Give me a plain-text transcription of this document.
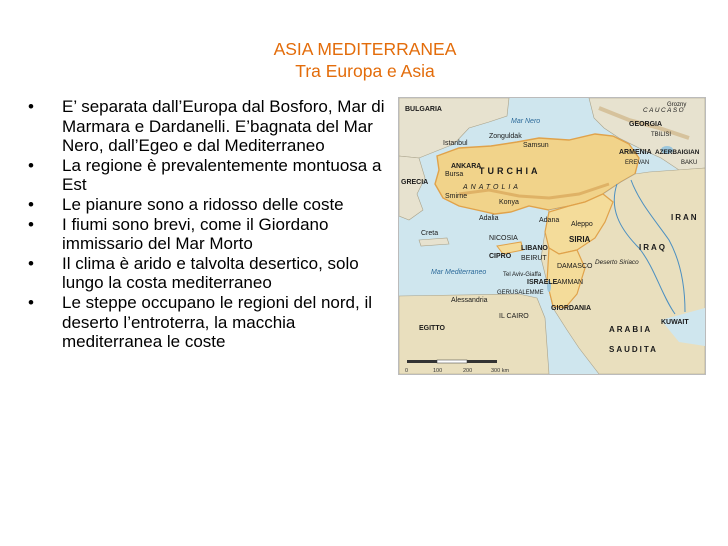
ASIA MEDITERRANEA
Tra Europa e Asia
• E’ separata dall’Europa dal Bosforo, Mar di Marmara e Dardanelli. E’bagnata del Mar Nero, dall’Egeo e dal Mediterraneo
• La regione è prevalentemente montuosa a Est
• Le pianure sono a ridosso delle coste
• I fiumi sono brevi, come il Giordano immissario del Mar Morto
• Il clima è arido e talvolta desertico, solo lungo la costa mediterraneo
• Le steppe occupano le regioni del nord, il deserto l’entroterra, la macchia mediterranea le coste
BULGARIA
Mar Nero	GEORGIA
ARMENIA AZERBAIGIAN
TURCHIA
ANATOLIA
GRECIA
ANKARA
Istanbul	Samsun
Zonguldak
Bursa
Smirne
Konya
Adana
Adalia
Creta
CIPRO
NICOSIA
LIBANO
BEIRUT
SIRIA
DAMASCO
Aleppo
IRAQ
IRAN
ISRAELE
GERUSALEMME
Tel Aviv-Giaffa
AMMAN
GIORDANIA
Mar Mediterraneo
EGITTO
IL CAIRO
Alessandria
ARABIA
SAUDITA
KUWAIT
Deserto Siriaco
CAUCASO
Grozny
EREVAN
TBILISI
BAKU
0	100	200	300 km
